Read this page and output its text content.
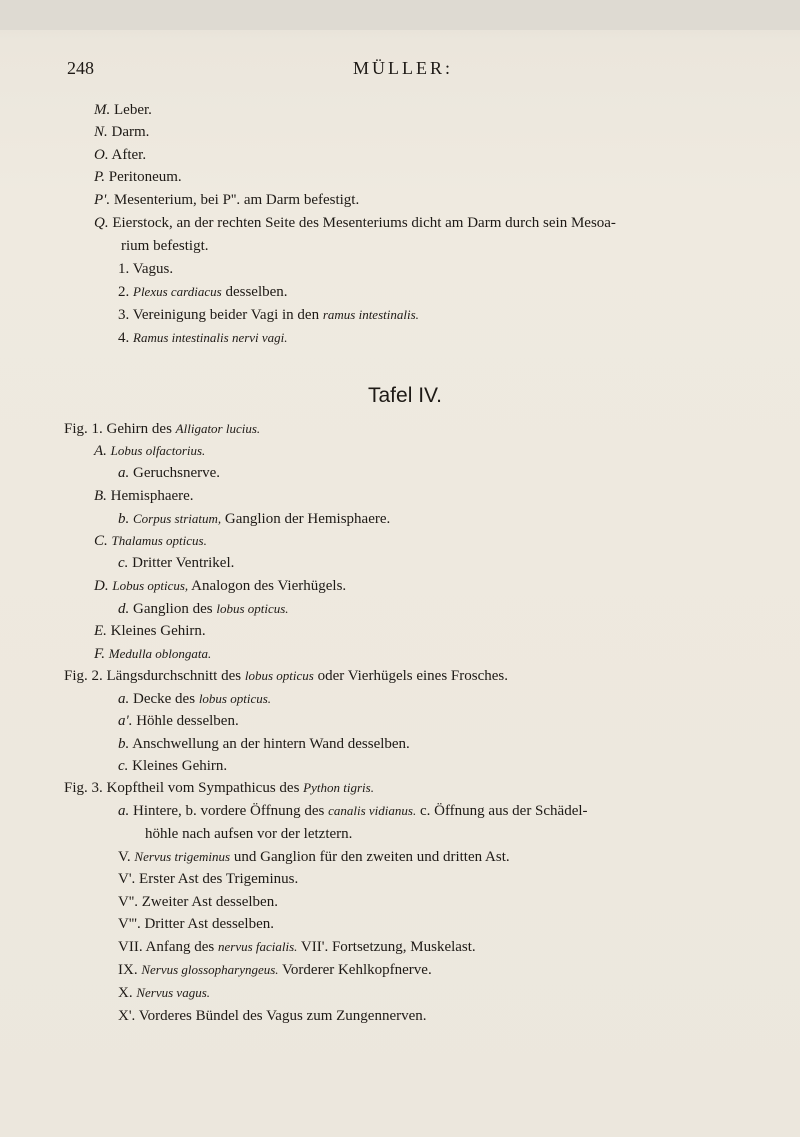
248	MÜLLER:
M. Leber.
N. Darm.
O. After.
P. Peritoneum.
P'. Mesenterium, bei P''. am Darm befestigt.
Q. Eierstock, an der rechten Seite des Mesenteriums dicht am Darm durch sein Mesoa-
rium befestigt.
1. Vagus.
2. Plexus cardiacus desselben.
3. Vereinigung beider Vagi in den ramus intestinalis.
4. Ramus intestinalis nervi vagi.
Tafel IV.
Fig. 1. Gehirn des Alligator lucius.
A. Lobus olfactorius.
a. Geruchsnerve.
B. Hemisphaere.
b. Corpus striatum, Ganglion der Hemisphaere.
C. Thalamus opticus.
c. Dritter Ventrikel.
D. Lobus opticus, Analogon des Vierhügels.
d. Ganglion des lobus opticus.
E. Kleines Gehirn.
F. Medulla oblongata.
Fig. 2. Längsdurchschnitt des lobus opticus oder Vierhügels eines Frosches.
a. Decke des lobus opticus.
a'. Höhle desselben.
b. Anschwellung an der hintern Wand desselben.
c. Kleines Gehirn.
Fig. 3. Kopftheil vom Sympathicus des Python tigris.
a. Hintere, b. vordere Öffnung des canalis vidianus. c. Öffnung aus der Schädel-
höhle nach aufsen vor der letztern.
V. Nervus trigeminus und Ganglion für den zweiten und dritten Ast.
V'. Erster Ast des Trigeminus.
V''. Zweiter Ast desselben.
V'''. Dritter Ast desselben.
VII. Anfang des nervus facialis. VII'. Fortsetzung, Muskelast.
IX. Nervus glossopharyngeus. Vorderer Kehlkopfnerve.
X. Nervus vagus.
X'. Vorderes Bündel des Vagus zum Zungennerven.
